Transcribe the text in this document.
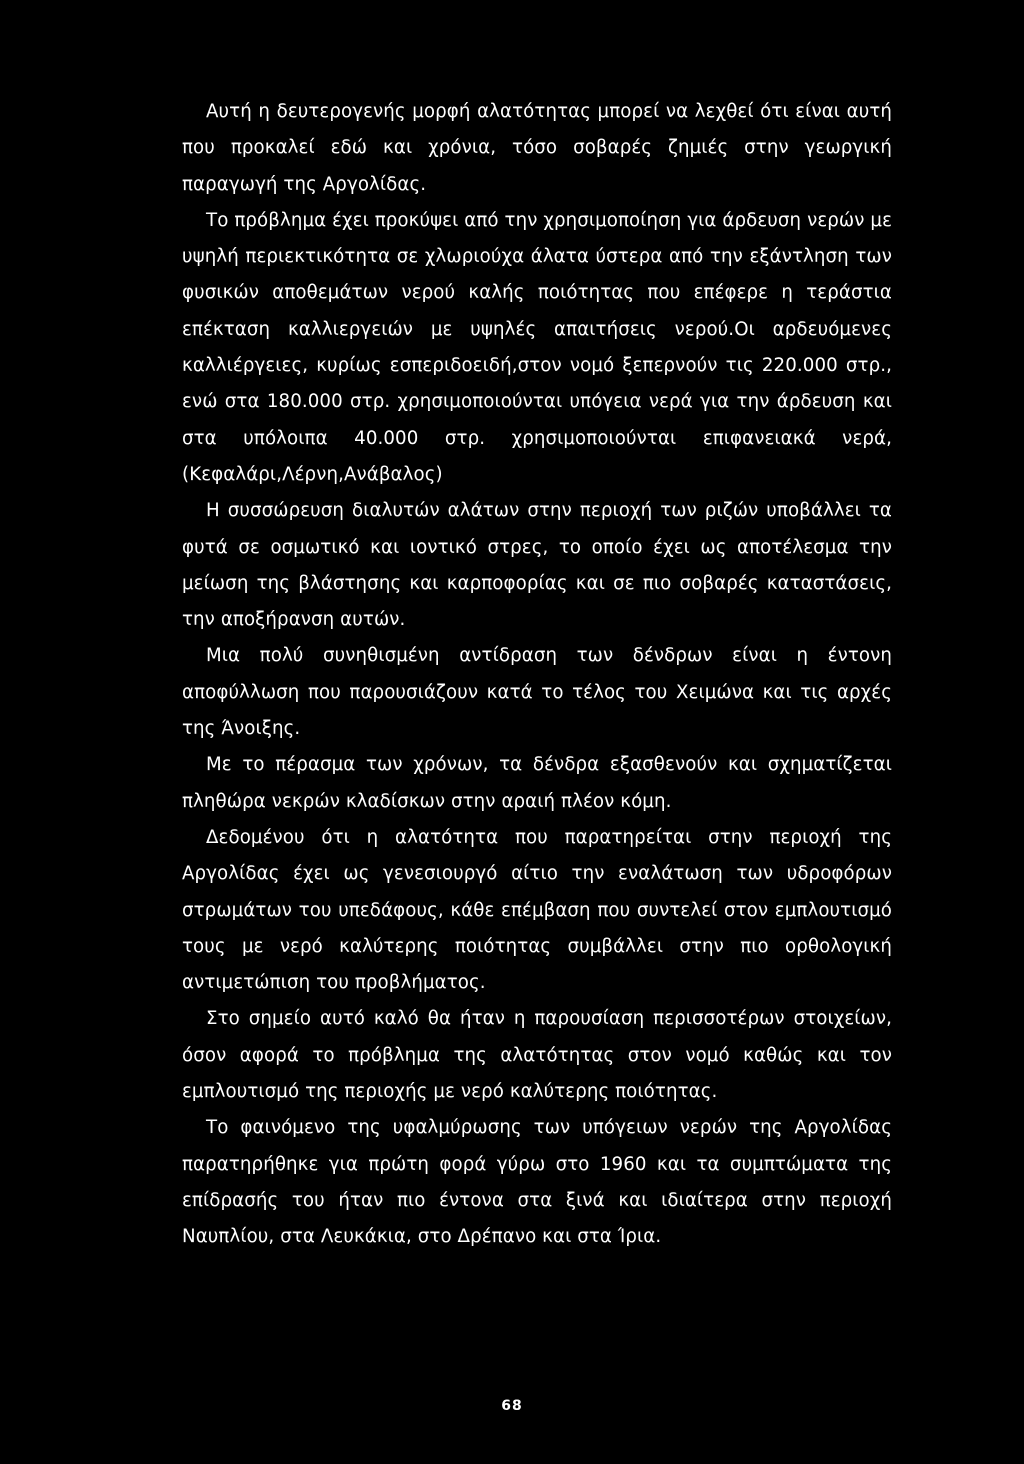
Αυτή η δευτερογενής μορφή αλατότητας μπορεί να λεχθεί ότι είναι αυτή που προκαλεί εδώ και χρόνια, τόσο σοβαρές ζημιές στην γεωργική παραγωγή της Αργολίδας.

Το πρόβλημα έχει προκύψει από την χρησιμοποίηση για άρδευση νερών με υψηλή περιεκτικότητα σε χλωριούχα άλατα ύστερα από την εξάντληση των φυσικών αποθεμάτων νερού καλής ποιότητας που επέφερε η τεράστια επέκταση καλλιεργειών με υψηλές απαιτήσεις νερού.Οι αρδευόμενες καλλιέργειες, κυρίως εσπεριδοειδή,στον νομό ξεπερνούν τις 220.000 στρ., ενώ στα 180.000 στρ. χρησιμοποιούνται υπόγεια νερά για την άρδευση και στα υπόλοιπα 40.000 στρ. χρησιμοποιούνται επιφανειακά νερά, (Κεφαλάρι,Λέρνη,Ανάβαλος)

Η συσσώρευση διαλυτών αλάτων στην περιοχή των ριζών υποβάλλει τα φυτά σε οσμωτικό και ιοντικό στρες, το οποίο έχει ως αποτέλεσμα την μείωση της βλάστησης και καρποφορίας και σε πιο σοβαρές καταστάσεις, την αποξήρανση αυτών.

Μια πολύ συνηθισμένη αντίδραση των δένδρων είναι η έντονη αποφύλλωση που παρουσιάζουν κατά το τέλος του Χειμώνα και τις αρχές της Άνοιξης.

Με το πέρασμα των χρόνων, τα δένδρα εξασθενούν και σχηματίζεται πληθώρα νεκρών κλαδίσκων στην αραιή πλέον κόμη.

Δεδομένου ότι η αλατότητα που παρατηρείται στην περιοχή της Αργολίδας έχει ως γενεσιουργό αίτιο την εναλάτωση των υδροφόρων στρωμάτων του υπεδάφους, κάθε επέμβαση που συντελεί στον εμπλουτισμό τους με νερό καλύτερης ποιότητας συμβάλλει στην πιο ορθολογική αντιμετώπιση του προβλήματος.

Στο σημείο αυτό καλό θα ήταν η παρουσίαση περισσοτέρων στοιχείων, όσον αφορά το πρόβλημα της αλατότητας στον νομό καθώς και τον εμπλουτισμό της περιοχής με νερό καλύτερης ποιότητας.

Το φαινόμενο της υφαλμύρωσης των υπόγειων νερών της Αργολίδας παρατηρήθηκε για πρώτη φορά γύρω στο 1960 και τα συμπτώματα της επίδρασής του ήταν πιο έντονα στα ξινά και ιδιαίτερα στην περιοχή Ναυπλίου, στα Λευκάκια, στο Δρέπανο και στα Ίρια.

68
